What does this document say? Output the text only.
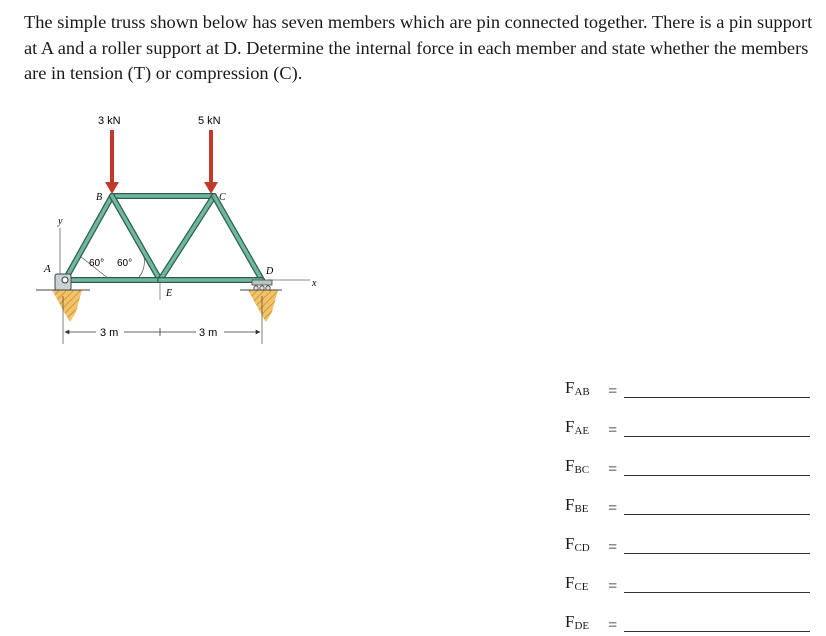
The simple truss shown below has seven members which are pin connected together. There is a pin support at A and a roller support at D. Determine the internal force in each member and state whether the members are in tension (T) or compression (C).

y
x
3 kN	5 kN
A
B	C
D
E
60° 60°
3 m	3 m
$F_{AB}$	=
$F_{AE}$	=
$F_{BC}$	=
$F_{BE}$	=
$F_{CD}$	=
$F_{CE}$	=
$F_{DE}$	=
